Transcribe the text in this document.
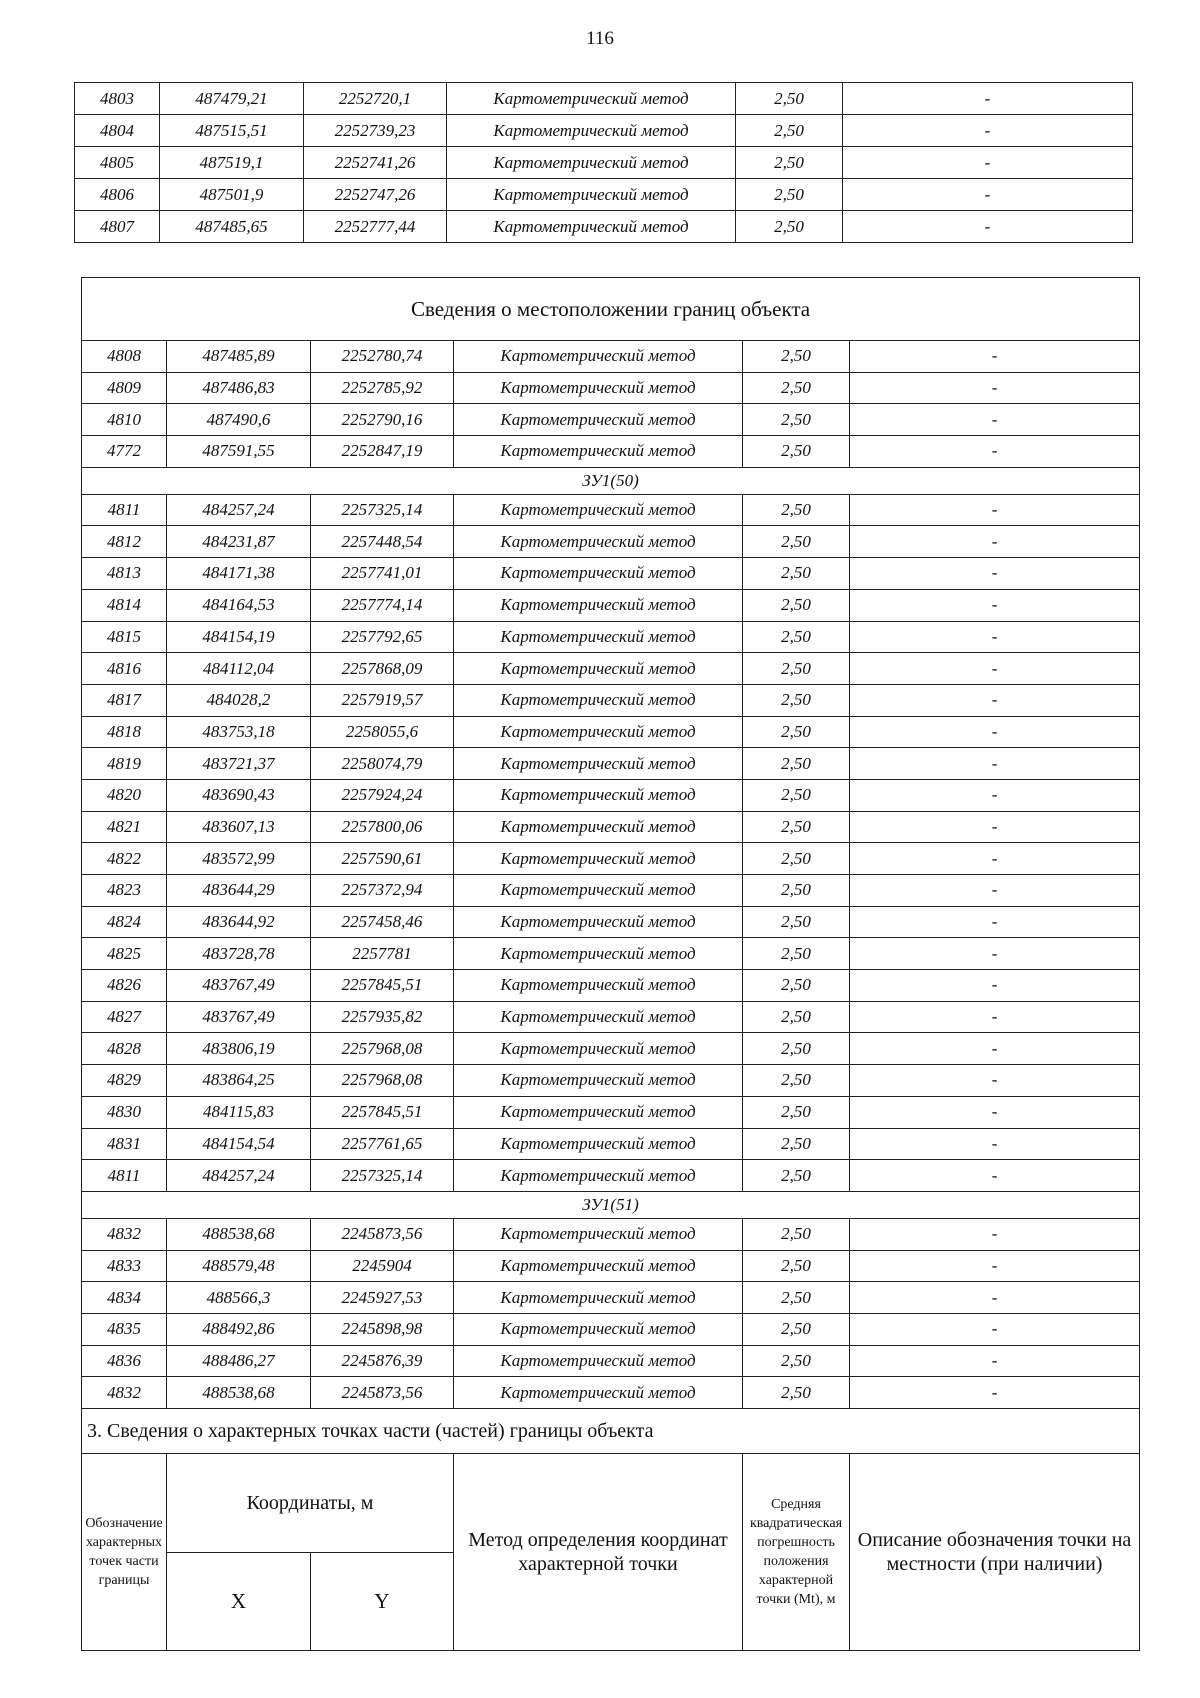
116
4803	487479,21	2252720,1	Картометрический метод	2,50	-
4804	487515,51	2252739,23	Картометрический метод	2,50	-
4805	487519,1	2252741,26	Картометрический метод	2,50	-
4806	487501,9	2252747,26	Картометрический метод	2,50	-
4807	487485,65	2252777,44	Картометрический метод	2,50	-
Сведения о местоположении границ объекта					
4808	487485,89	2252780,74	Картометрический метод	2,50	-
4809	487486,83	2252785,92	Картометрический метод	2,50	-
4810	487490,6	2252790,16	Картометрический метод	2,50	-
4772	487591,55	2252847,19	Картометрический метод	2,50	-
ЗУ1(50)					
4811	484257,24	2257325,14	Картометрический метод	2,50	-
4812	484231,87	2257448,54	Картометрический метод	2,50	-
4813	484171,38	2257741,01	Картометрический метод	2,50	-
4814	484164,53	2257774,14	Картометрический метод	2,50	-
4815	484154,19	2257792,65	Картометрический метод	2,50	-
4816	484112,04	2257868,09	Картометрический метод	2,50	-
4817	484028,2	2257919,57	Картометрический метод	2,50	-
4818	483753,18	2258055,6	Картометрический метод	2,50	-
4819	483721,37	2258074,79	Картометрический метод	2,50	-
4820	483690,43	2257924,24	Картометрический метод	2,50	-
4821	483607,13	2257800,06	Картометрический метод	2,50	-
4822	483572,99	2257590,61	Картометрический метод	2,50	-
4823	483644,29	2257372,94	Картометрический метод	2,50	-
4824	483644,92	2257458,46	Картометрический метод	2,50	-
4825	483728,78	2257781	Картометрический метод	2,50	-
4826	483767,49	2257845,51	Картометрический метод	2,50	-
4827	483767,49	2257935,82	Картометрический метод	2,50	-
4828	483806,19	2257968,08	Картометрический метод	2,50	-
4829	483864,25	2257968,08	Картометрический метод	2,50	-
4830	484115,83	2257845,51	Картометрический метод	2,50	-
4831	484154,54	2257761,65	Картометрический метод	2,50	-
4811	484257,24	2257325,14	Картометрический метод	2,50	-
ЗУ1(51)					
4832	488538,68	2245873,56	Картометрический метод	2,50	-
4833	488579,48	2245904	Картометрический метод	2,50	-
4834	488566,3	2245927,53	Картометрический метод	2,50	-
4835	488492,86	2245898,98	Картометрический метод	2,50	-
4836	488486,27	2245876,39	Картометрический метод	2,50	-
4832	488538,68	2245873,56	Картометрический метод	2,50	-
3. Сведения о характерных точках части (частей) границы объекта					
Обозначение характерных точек части границы	Координаты, м		Метод определения координат характерной точки	Средняя квадратическая погрешность положения характерной точки (Mt), м	Описание обозначения точки на местности (при наличии)
	X	Y			
